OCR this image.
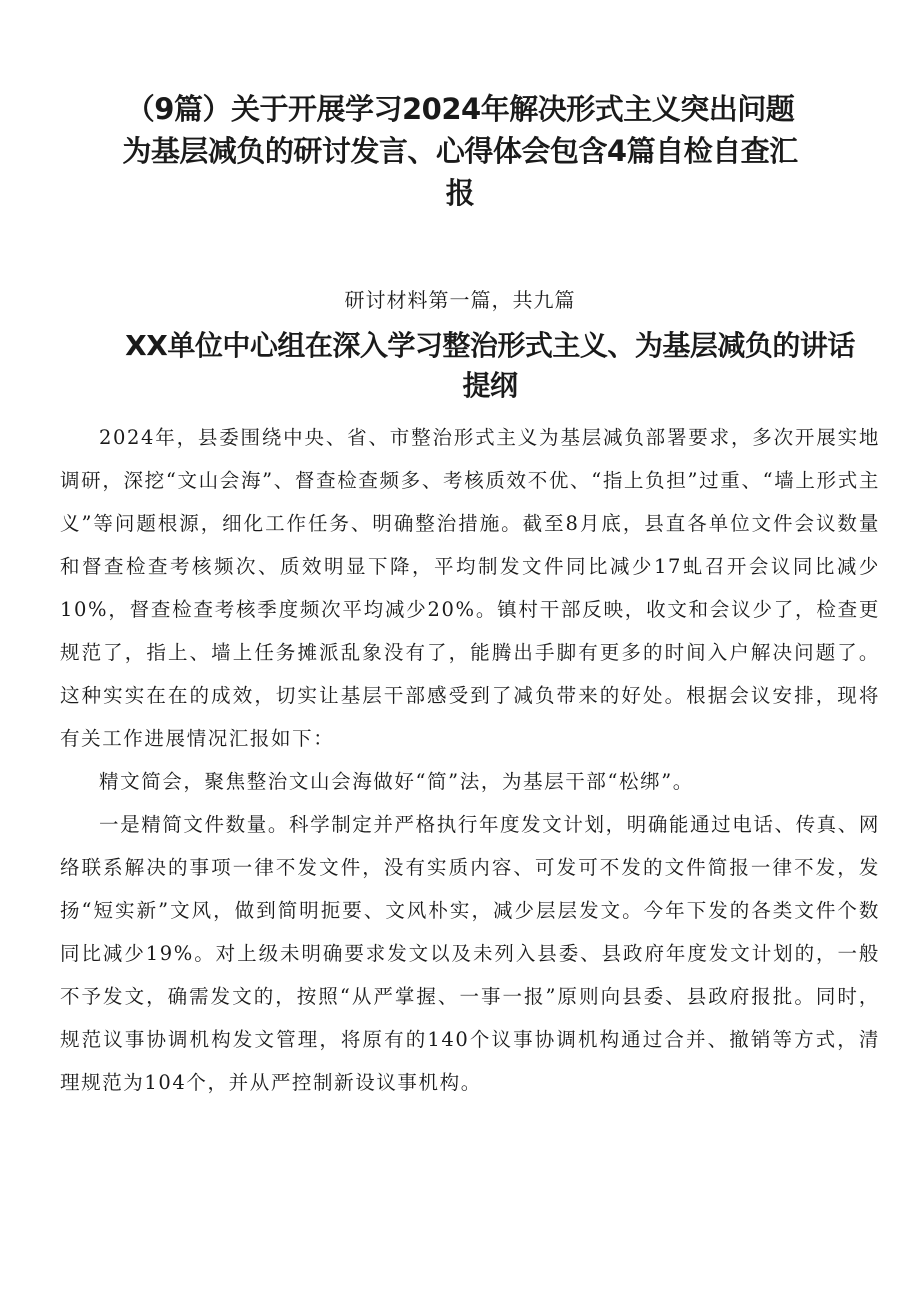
（9篇）关于开展学习2024年解决形式主义突出问题
为基层减负的研讨发言、心得体会包含4篇自检自查汇
报
研讨材料第一篇，共九篇
XX单位中心组在深入学习整治形式主义、为基层减负的讲话
提纲

2024年，县委围绕中央、省、市整治形式主义为基层减负部署要求，多次开展实地调研，深挖“文山会海”、督查检查频多、考核质效不优、“指上负担”过重、“墙上形式主义”等问题根源，细化工作任务、明确整治措施。截至8月底，县直各单位文件会议数量和督查检查考核频次、质效明显下降，平均制发文件同比减少17虬召开会议同比减少10%，督查检查考核季度频次平均减少20%。镇村干部反映，收文和会议少了，检查更规范了，指上、墙上任务摊派乱象没有了，能腾出手脚有更多的时间入户解决问题了。这种实实在在的成效，切实让基层干部感受到了减负带来的好处。根据会议安排，现将有关工作进展情况汇报如下：

精文简会，聚焦整治文山会海做好“简”法，为基层干部“松绑”。

一是精简文件数量。科学制定并严格执行年度发文计划，明确能通过电话、传真、网络联系解决的事项一律不发文件，没有实质内容、可发可不发的文件简报一律不发，发扬“短实新”文风，做到简明扼要、文风朴实，减少层层发文。今年下发的各类文件个数同比减少19%。对上级未明确要求发文以及未列入县委、县政府年度发文计划的，一般不予发文，确需发文的，按照“从严掌握、一事一报”原则向县委、县政府报批。同时，规范议事协调机构发文管理，将原有的140个议事协调机构通过合并、撤销等方式，清理规范为104个，并从严控制新设议事机构。
